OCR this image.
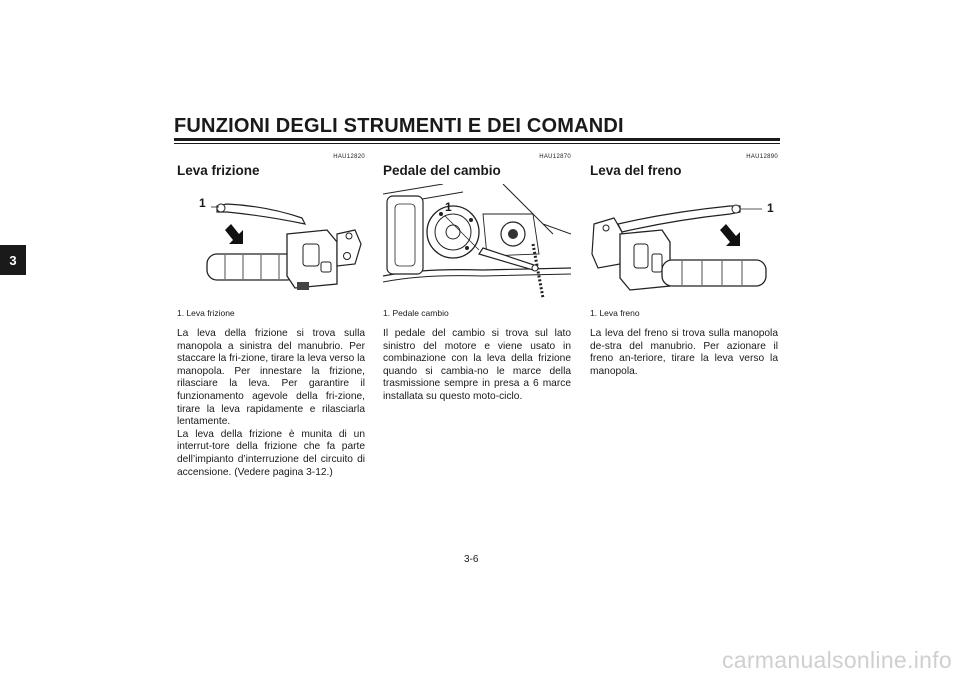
FUNZIONI DEGLI STRUMENTI E DEI COMANDI
3
HAU12820
Leva frizione
1
1. Leva frizione

La leva della frizione si trova sulla manopola a sinistra del manubrio. Per staccare la fri-zione, tirare la leva verso la manopola. Per innestare la frizione, rilasciare la leva. Per garantire il funzionamento agevole della fri-zione, tirare la leva rapidamente e rilasciarla lentamente.

La leva della frizione è munita di un interrut-tore della frizione che fa parte dell’impianto d’interruzione del circuito di accensione. (Vedere pagina 3-12.)

HAU12870
Pedale del cambio
1
1. Pedale cambio

Il pedale del cambio si trova sul lato sinistro del motore e viene usato in combinazione con la leva della frizione quando si cambia-no le marce della trasmissione sempre in presa a 6 marce installata su questo moto-ciclo.

HAU12890
Leva del freno
1
1. Leva freno

La leva del freno si trova sulla manopola de-stra del manubrio. Per azionare il freno an-teriore, tirare la leva verso la manopola.

3-6
carmanualsonline.info
